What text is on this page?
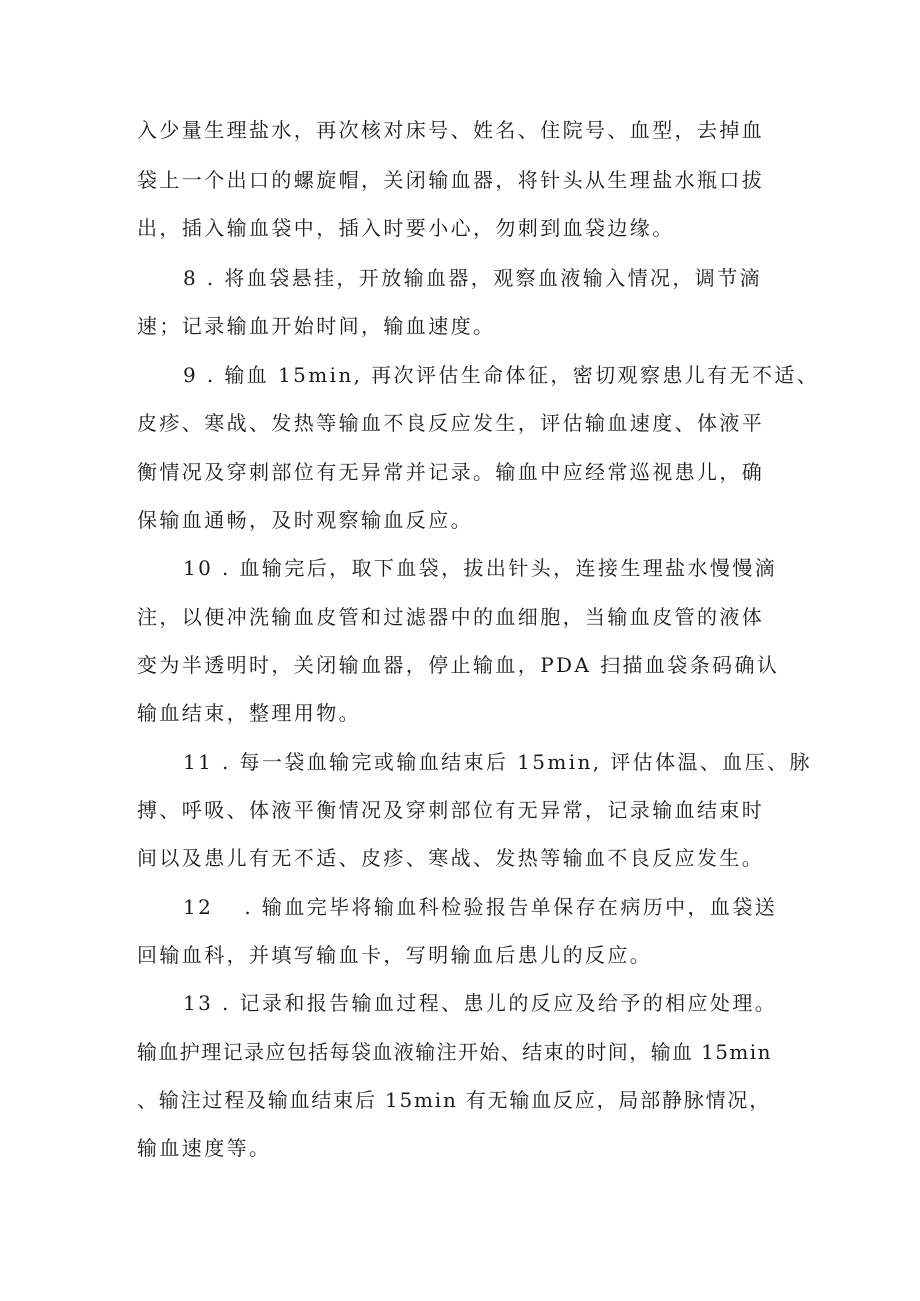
入少量生理盐水，再次核对床号、姓名、住院号、血型，去掉血
袋上一个出口的螺旋帽，关闭输血器，将针头从生理盐水瓶口拔
出，插入输血袋中，插入时要小心，勿刺到血袋边缘。
8 . 将血袋悬挂，开放输血器，观察血液输入情况，调节滴
速；记录输血开始时间，输血速度。
9 . 输血 15min, 再次评估生命体征，密切观察患儿有无不适、
皮疹、寒战、发热等输血不良反应发生，评估输血速度、体液平
衡情况及穿刺部位有无异常并记录。输血中应经常巡视患儿，确
保输血通畅，及时观察输血反应。
10 . 血输完后，取下血袋，拔出针头，连接生理盐水慢慢滴
注，以便冲洗输血皮管和过滤器中的血细胞，当输血皮管的液体
变为半透明时，关闭输血器，停止输血，PDA 扫描血袋条码确认
输血结束，整理用物。
11 . 每一袋血输完或输血结束后 15min, 评估体温、血压、脉
搏、呼吸、体液平衡情况及穿刺部位有无异常，记录输血结束时
间以及患儿有无不适、皮疹、寒战、发热等输血不良反应发生。
12　 . 输血完毕将输血科检验报告单保存在病历中，血袋送
回输血科，并填写输血卡，写明输血后患儿的反应。
13 . 记录和报告输血过程、患儿的反应及给予的相应处理。
输血护理记录应包括每袋血液输注开始、结束的时间，输血 15min
、输注过程及输血结束后 15min 有无输血反应，局部静脉情况，
输血速度等。
